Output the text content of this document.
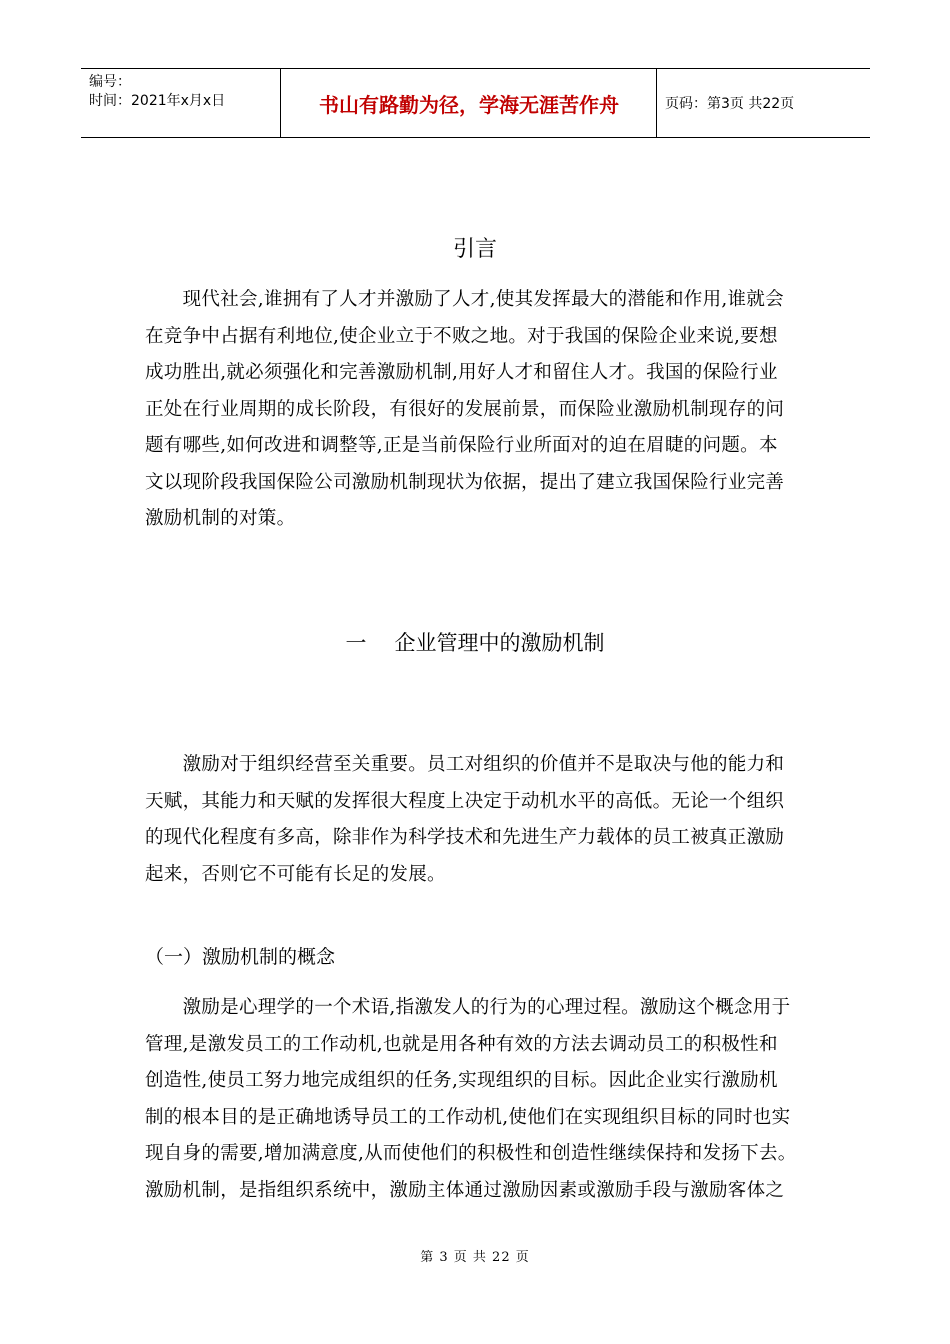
编号：
时间：2021年x月x日	书山有路勤为径，学海无涯苦作舟	页码：第3页 共22页
引言
　　现代社会,谁拥有了人才并激励了人才,使其发挥最大的潜能和作用,谁就会
在竞争中占据有利地位,使企业立于不败之地。对于我国的保险企业来说,要想
成功胜出,就必须强化和完善激励机制,用好人才和留住人才。我国的保险行业
正处在行业周期的成长阶段，有很好的发展前景，而保险业激励机制现存的问
题有哪些,如何改进和调整等,正是当前保险行业所面对的迫在眉睫的问题。本
文以现阶段我国保险公司激励机制现状为依据，提出了建立我国保险行业完善
激励机制的对策。
一 企业管理中的激励机制
　　激励对于组织经营至关重要。员工对组织的价值并不是取决与他的能力和
天赋，其能力和天赋的发挥很大程度上决定于动机水平的高低。无论一个组织
的现代化程度有多高，除非作为科学技术和先进生产力载体的员工被真正激励
起来，否则它不可能有长足的发展。
（一）激励机制的概念
　　激励是心理学的一个术语,指激发人的行为的心理过程。激励这个概念用于
管理,是激发员工的工作动机,也就是用各种有效的方法去调动员工的积极性和
创造性,使员工努力地完成组织的任务,实现组织的目标。因此企业实行激励机
制的根本目的是正确地诱导员工的工作动机,使他们在实现组织目标的同时也实
现自身的需要,增加满意度,从而使他们的积极性和创造性继续保持和发扬下去。
激励机制，是指组织系统中，激励主体通过激励因素或激励手段与激励客体之
第 3 页 共 22 页
